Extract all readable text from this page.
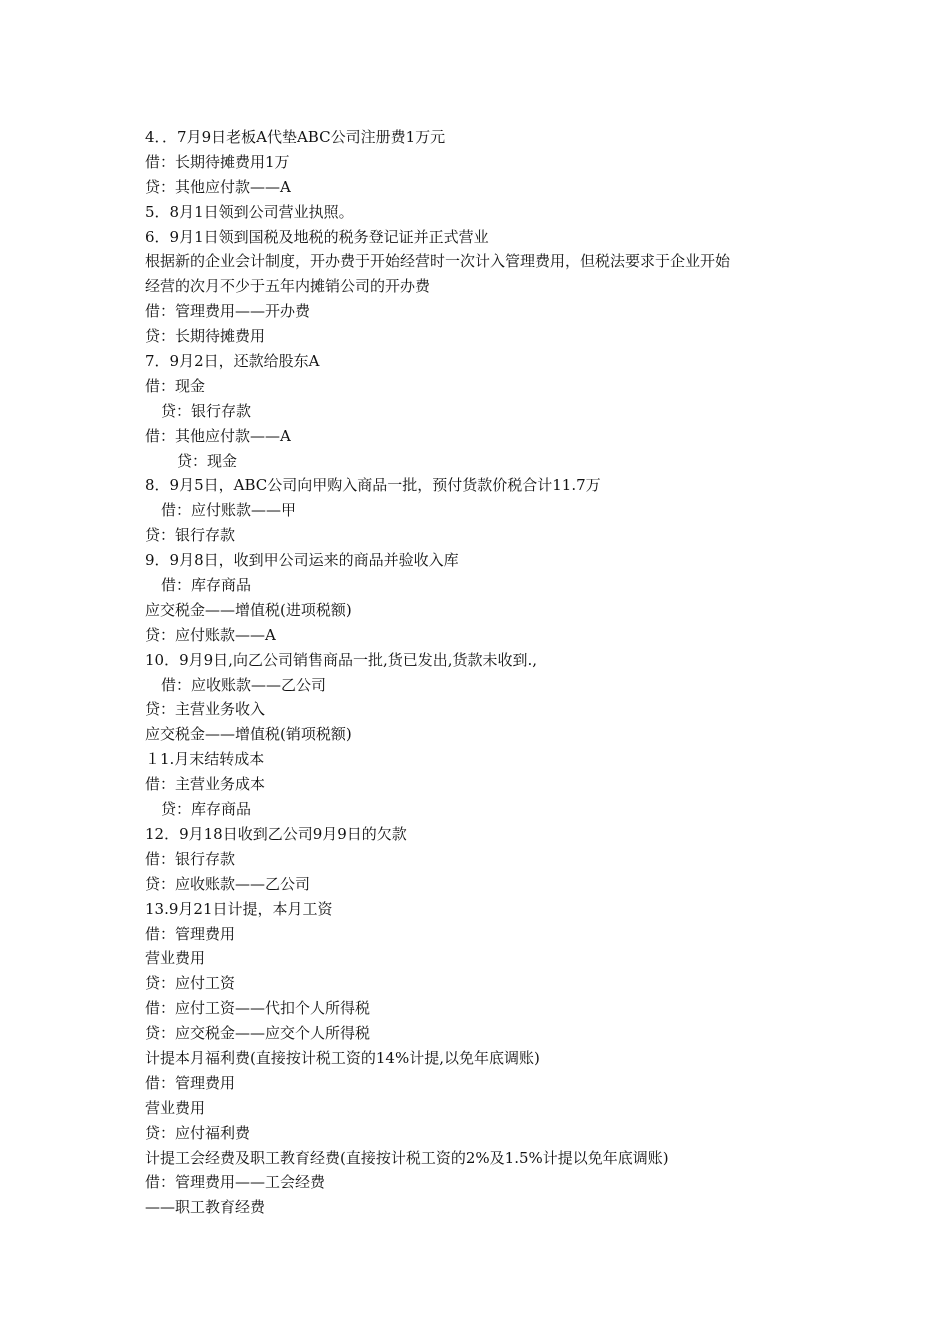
4．．7月9日老板A代垫ABC公司注册费1万元

借：长期待摊费用1万

贷：其他应付款——A

5．8月1日领到公司营业执照。

6．9月1日领到国税及地税的税务登记证并正式营业

根据新的企业会计制度，开办费于开始经营时一次计入管理费用，但税法要求于企业开始

经营的次月不少于五年内摊销公司的开办费

借：管理费用——开办费

贷：长期待摊费用

7．9月2日，还款给股东A

借：现金

贷：银行存款

借：其他应付款——A

贷：现金

8．9月5日，ABC公司向甲购入商品一批，预付货款价税合计11.7万

借：应付账款——甲

贷：银行存款

9．9月8日，收到甲公司运来的商品并验收入库

借：库存商品

应交税金——增值税(进项税额)

贷：应付账款——A

10．9月9日,向乙公司销售商品一批,货已发出,货款未收到.,

借：应收账款——乙公司

贷：主营业务收入

应交税金——增值税(销项税额)

１1.月末结转成本

借：主营业务成本

贷：库存商品

12．9月18日收到乙公司9月9日的欠款

借：银行存款

贷：应收账款——乙公司

13.9月21日计提，本月工资

借：管理费用

营业费用

贷：应付工资

借：应付工资——代扣个人所得税

贷：应交税金——应交个人所得税

计提本月福利费(直接按计税工资的14%计提,以免年底调账)

借：管理费用

营业费用

贷：应付福利费

计提工会经费及职工教育经费(直接按计税工资的2%及1.5%计提以免年底调账)

借：管理费用——工会经费

——职工教育经费
